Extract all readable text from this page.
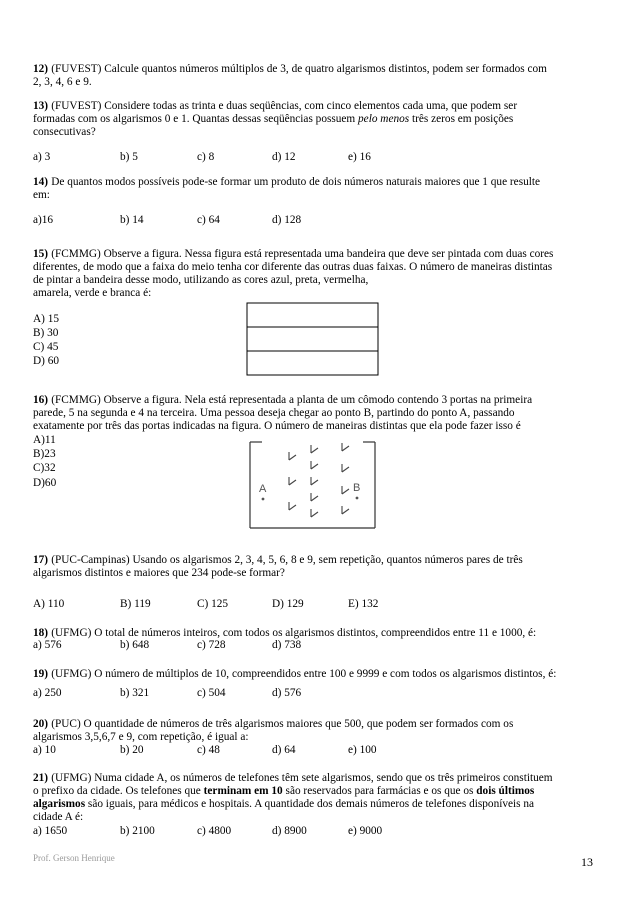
12) (FUVEST) Calcule quantos números múltiplos de 3, de quatro algarismos distintos, podem ser formados com
2, 3, 4, 6 e 9.
13) (FUVEST) Considere todas as trinta e duas seqüências, com cinco elementos cada uma, que podem ser
formadas com os algarismos 0 e 1. Quantas dessas seqüências possuem pelo menos três zeros em posições
consecutivas?
a) 3	b) 5	c) 8	d) 12	e) 16
14) De quantos modos possíveis pode-se formar um produto de dois números naturais maiores que 1 que resulte
em:
a)16	b) 14	c) 64	d) 128
15) (FCMMG) Observe a figura. Nessa figura está representada uma bandeira que deve ser pintada com duas cores
diferentes, de modo que a faixa do meio tenha cor diferente das outras duas faixas. O número de maneiras distintas
de pintar a bandeira desse modo, utilizando as cores azul, preta, vermelha,
amarela, verde e branca é:
A) 15
B) 30
C) 45
D) 60
16) (FCMMG) Observe a figura. Nela está representada a planta de um cômodo contendo 3 portas na primeira
parede, 5 na segunda e 4 na terceira. Uma pessoa deseja chegar ao ponto B, partindo do ponto A, passando
exatamente por três das portas indicadas na figura. O número de maneiras distintas que ela pode fazer isso é
A)11
B)23
C)32
D)60	A	B
17) (PUC-Campinas) Usando os algarismos 2, 3, 4, 5, 6, 8 e 9, sem repetição, quantos números pares de três
algarismos distintos e maiores que 234 pode-se formar?
A) 110	B) 119	C) 125	D) 129	E) 132
18) (UFMG) O total de números inteiros, com todos os algarismos distintos, compreendidos entre 11 e 1000, é:
a) 576	b) 648	c) 728	d) 738
19) (UFMG) O número de múltiplos de 10, compreendidos entre 100 e 9999 e com todos os algarismos distintos, é:
a) 250	b) 321	c) 504	d) 576
20) (PUC) O quantidade de números de três algarismos maiores que 500, que podem ser formados com os
algarismos 3,5,6,7 e 9, com repetição, é igual a:
a) 10	b) 20	c) 48	d) 64	e) 100
21) (UFMG) Numa cidade A, os números de telefones têm sete algarismos, sendo que os três primeiros constituem
o prefixo da cidade. Os telefones que terminam em 10 são reservados para farmácias e os que os dois últimos
algarismos são iguais, para médicos e hospitais. A quantidade dos demais números de telefones disponíveis na
cidade A é:
a) 1650	b) 2100	c) 4800	d) 8900	e) 9000
Prof. Gerson Henrique	13
